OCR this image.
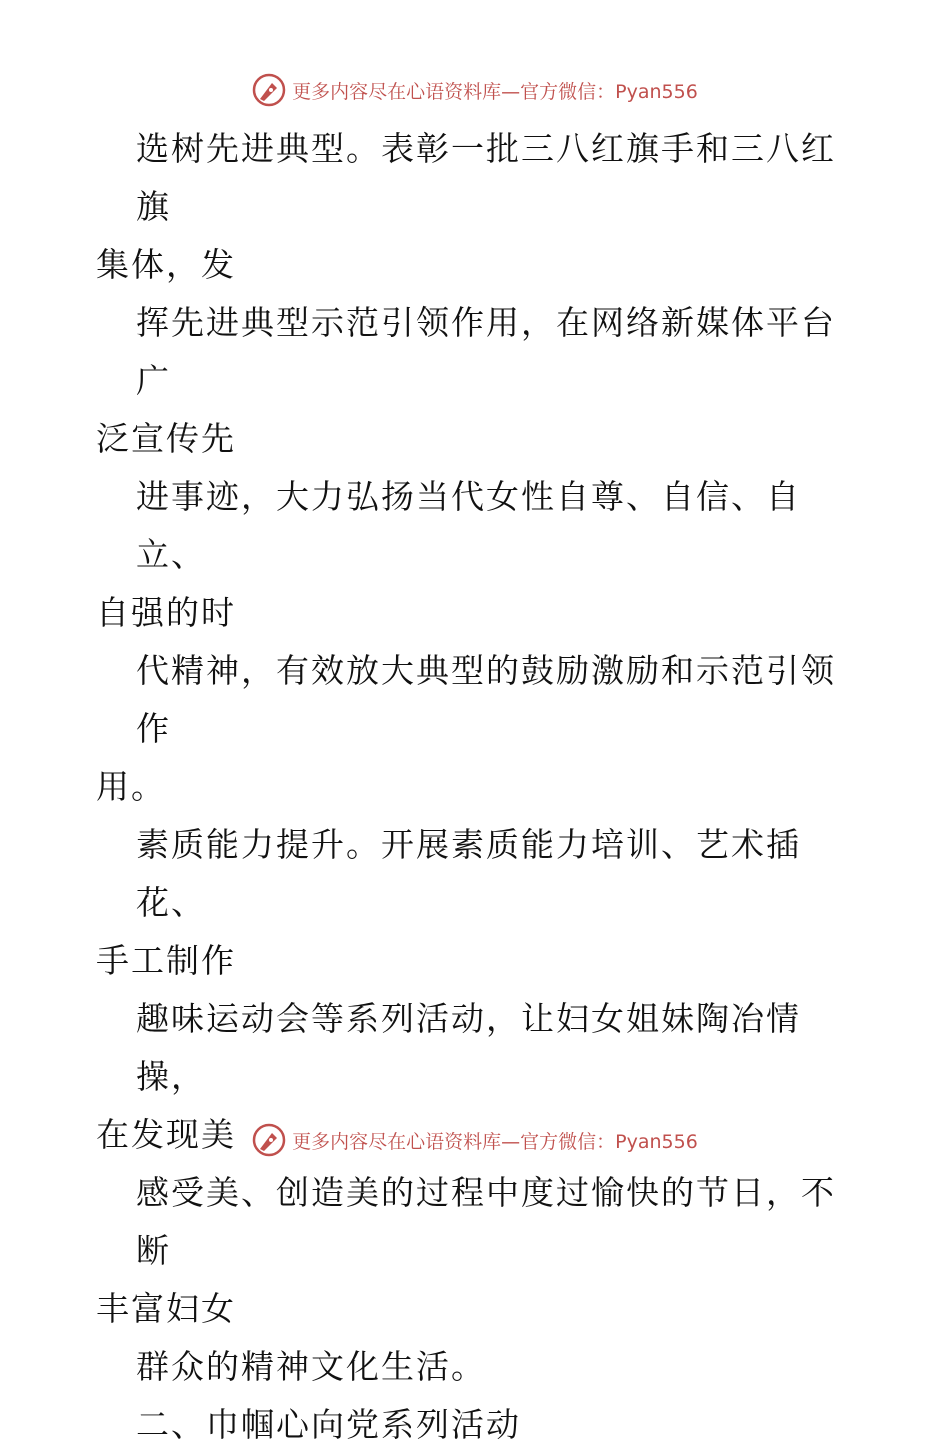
更多内容尽在心语资料库—官方微信：Pyan556

选树先进典型。表彰一批三八红旗手和三八红旗
集体，发

挥先进典型示范引领作用，在网络新媒体平台广
泛宣传先

进事迹，大力弘扬当代女性自尊、自信、自立、
自强的时

代精神，有效放大典型的鼓励激励和示范引领作
用。

素质能力提升。开展素质能力培训、艺术插花、
手工制作

趣味运动会等系列活动，让妇女姐妹陶冶情操，
在发现美

感受美、创造美的过程中度过愉快的节日，不断
丰富妇女

群众的精神文化生活。

二、巾帼心向党系列活动

更多内容尽在心语资料库—官方微信：Pyan556
